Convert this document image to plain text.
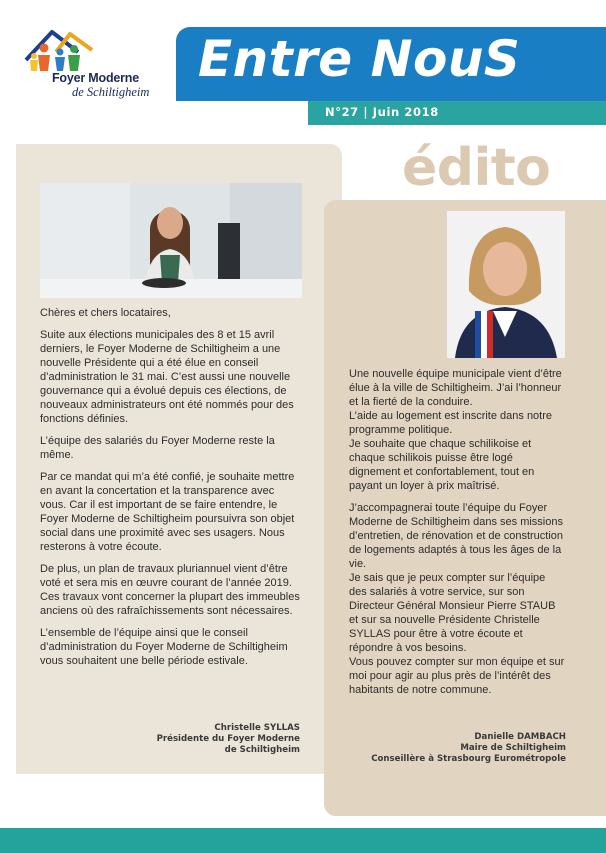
Foyer Moderne
de Schiltigheim
Entre NouS
N°27 | Juin 2018
édito

Chères et chers locataires,

Suite aux élections municipales des 8 et 15 avril derniers, le Foyer Moderne de Schiltigheim a une nouvelle Présidente qui a été élue en conseil d’administration le 31 mai. C’est aussi une nouvelle gouvernance qui a évolué depuis ces élections, de nouveaux administrateurs ont été nommés pour des fonctions définies.

L’équipe des salariés du Foyer Moderne reste la même.

Par ce mandat qui m’a été confié, je souhaite mettre en avant la concertation et la transparence avec vous. Car il est important de se faire entendre, le Foyer Moderne de Schiltigheim poursuivra son objet social dans une proximité avec ses usagers. Nous resterons à votre écoute.

De plus, un plan de travaux pluriannuel vient d’être voté et sera mis en œuvre courant de l’année 2019. Ces travaux vont concerner la plupart des immeubles anciens où des rafraîchissements sont nécessaires.

L’ensemble de l’équipe ainsi que le conseil d’administration du Foyer Moderne de Schiltigheim vous souhaitent une belle période estivale.

Christelle SYLLAS

Présidente du Foyer Moderne

de Schiltigheim

Une nouvelle équipe municipale vient d’être élue à la ville de Schiltigheim. J’ai l’honneur et la fierté de la conduire.

L’aide au logement est inscrite dans notre programme politique.

Je souhaite que chaque schilikoise et chaque schilikois puisse être logé dignement et confortablement, tout en payant un loyer à prix maîtrisé.

J’accompagnerai toute l’équipe du Foyer Moderne de Schiltigheim dans ses missions d’entretien, de rénovation et de construction de logements adaptés à tous les âges de la vie.

Je sais que je peux compter sur l’équipe des salariés à votre service, sur son Directeur Général Monsieur Pierre STAUB et sur sa nouvelle Présidente Christelle SYLLAS pour être à votre écoute et répondre à vos besoins.

Vous pouvez compter sur mon équipe et sur moi pour agir au plus près de l’intérêt des habitants de notre commune.

Danielle DAMBACH

Maire de Schiltigheim

Conseillère à Strasbourg Eurométropole
